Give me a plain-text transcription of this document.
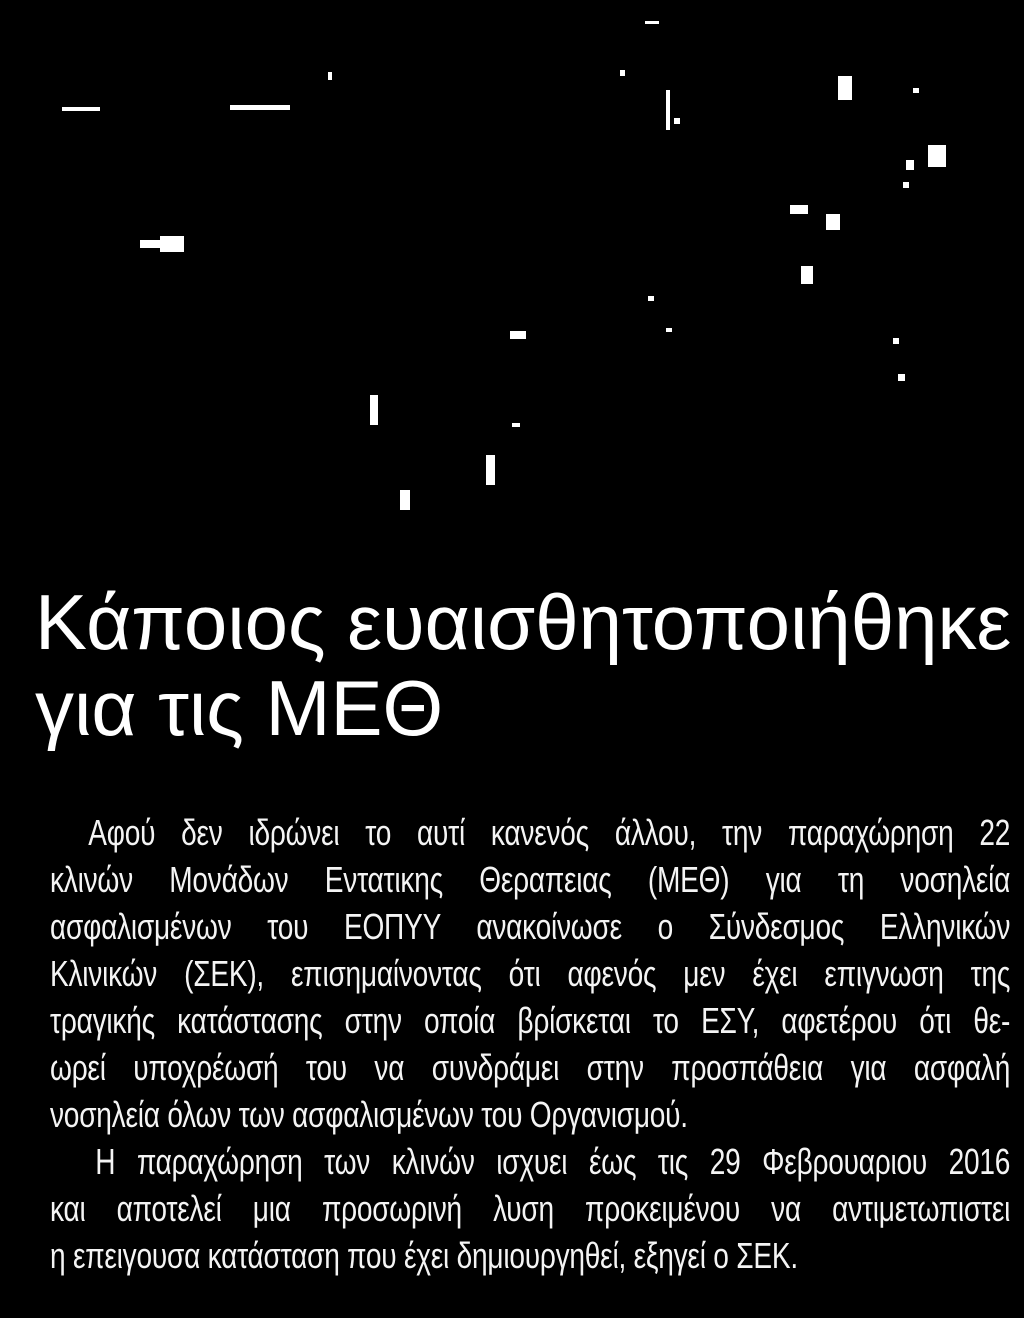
Κάποιος ευαισθητοποιήθηκε
για τις ΜΕΘ
Αφού δεν ιδρώνει το αυτί κανενός άλλου, την παραχώρηση 22
κλινών Μονάδων Εντατικης Θεραπειας (ΜΕΘ) για τη νοσηλεία
ασφαλισμένων του ΕΟΠΥΥ ανακοίνωσε ο Σύνδεσμος Ελληνικών
Κλινικών (ΣΕΚ), επισημαίνοντας ότι αφενός μεν έχει επιγνωση της
τραγικής κατάστασης στην οποία βρίσκεται το ΕΣΥ, αφετέρου ότι θε-
ωρεί υποχρέωσή του να συνδράμει στην προσπάθεια για ασφαλή
νοσηλεία όλων των ασφαλισμένων του Οργανισμού.
Η παραχώρηση των κλινών ισχυει έως τις 29 Φεβρουαριου 2016
και αποτελεί μια προσωρινή λυση προκειμένου να αντιμετωπιστει
η επειγουσα κατάσταση που έχει δημιουργηθεί, εξηγεί ο ΣΕΚ.
